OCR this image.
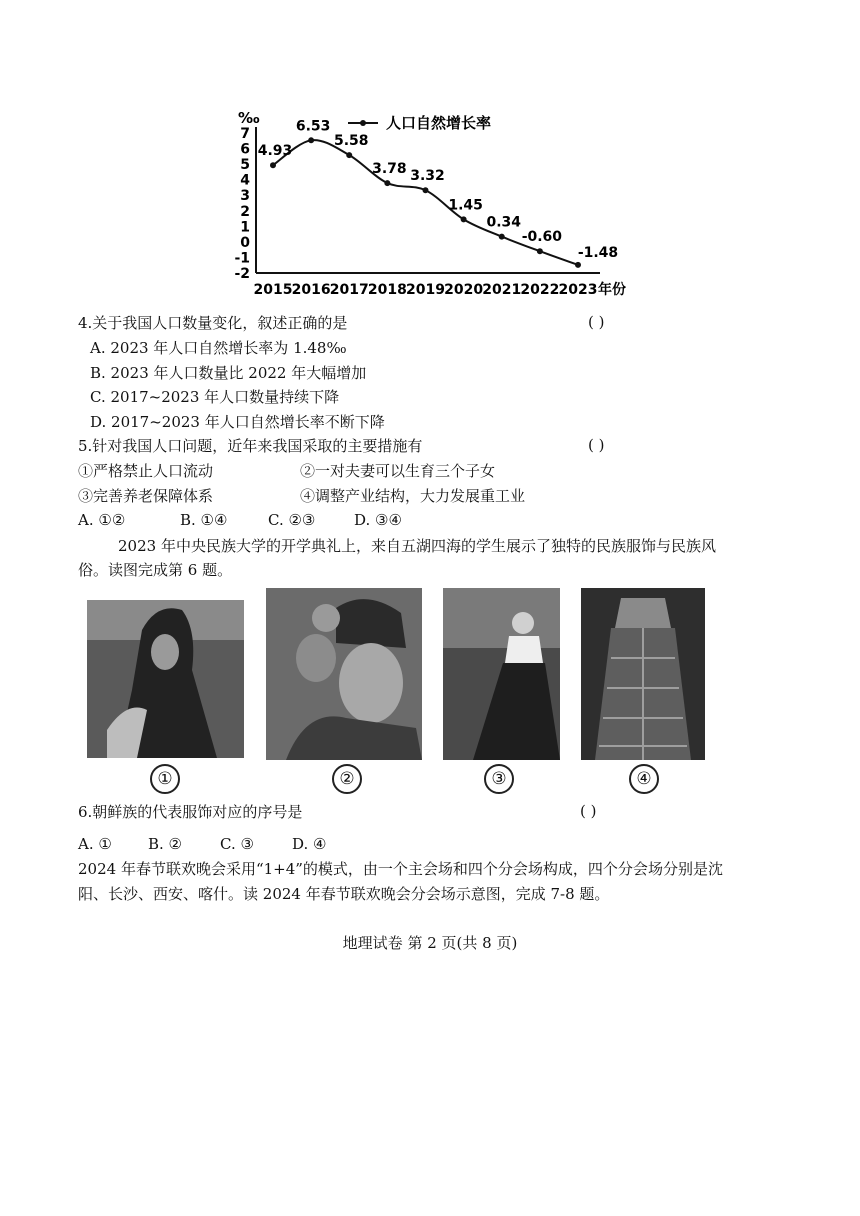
‰
7
6
5
4
3
2
1
0
-1
-2
2015 2016 2017 2018 2019 2020 2021 2022 2023 年份
4.93
6.53
5.58
3.78 3.32
1.45
0.34
-0.60
-1.48
人口自然增长率
4.关于我国人口数量变化，叙述正确的是	( )
A. 2023 年人口自然增长率为 1.48‰
B. 2023 年人口数量比 2022 年大幅增加
C. 2017~2023 年人口数量持续下降
D. 2017~2023 年人口自然增长率不断下降
5.针对我国人口问题，近年来我国采取的主要措施有	( )
①严格禁止人口流动	②一对夫妻可以生育三个子女
③完善养老保障体系	④调整产业结构，大力发展重工业
A. ①②	B. ①④	C. ②③	D. ③④
2023 年中央民族大学的开学典礼上，来自五湖四海的学生展示了独特的民族服饰与民族风
俗。读图完成第 6 题。
①	②	③	④
6.朝鲜族的代表服饰对应的序号是	( )
A. ① B. ②	C. ③	D. ④
2024 年春节联欢晚会采用“1+4”的模式，由一个主会场和四个分会场构成，四个分会场分别是沈
阳、长沙、西安、喀什。读 2024 年春节联欢晚会分会场示意图，完成 7-8 题。
地理试卷 第 2 页(共 8 页)
